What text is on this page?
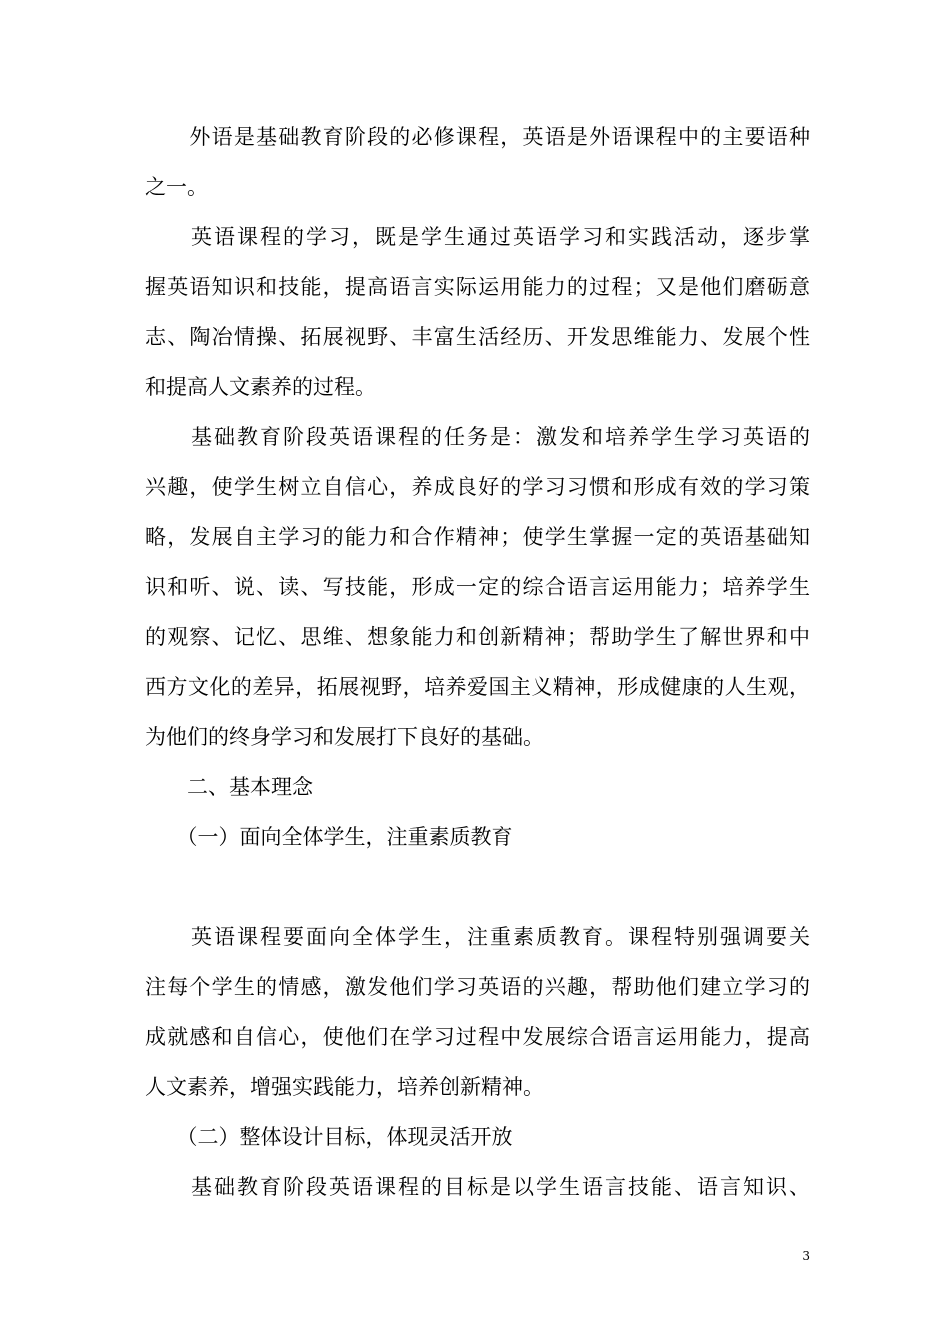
　　外语是基础教育阶段的必修课程，英语是外语课程中的主要语种
之一。
　　英语课程的学习，既是学生通过英语学习和实践活动，逐步掌
握英语知识和技能，提高语言实际运用能力的过程；又是他们磨砺意
志、陶冶情操、拓展视野、丰富生活经历、开发思维能力、发展个性
和提高人文素养的过程。
　　基础教育阶段英语课程的任务是：激发和培养学生学习英语的
兴趣，使学生树立自信心，养成良好的学习习惯和形成有效的学习策
略，发展自主学习的能力和合作精神；使学生掌握一定的英语基础知
识和听、说、读、写技能，形成一定的综合语言运用能力；培养学生
的观察、记忆、思维、想象能力和创新精神；帮助学生了解世界和中
西方文化的差异，拓展视野，培养爱国主义精神，形成健康的人生观，
为他们的终身学习和发展打下良好的基础。
　　二、基本理念
　　（一）面向全体学生，注重素质教育
　　英语课程要面向全体学生，注重素质教育。课程特别强调要关
注每个学生的情感，激发他们学习英语的兴趣，帮助他们建立学习的
成就感和自信心，使他们在学习过程中发展综合语言运用能力，提高
人文素养，增强实践能力，培养创新精神。
　　（二）整体设计目标，体现灵活开放
　　基础教育阶段英语课程的目标是以学生语言技能、语言知识、
3
